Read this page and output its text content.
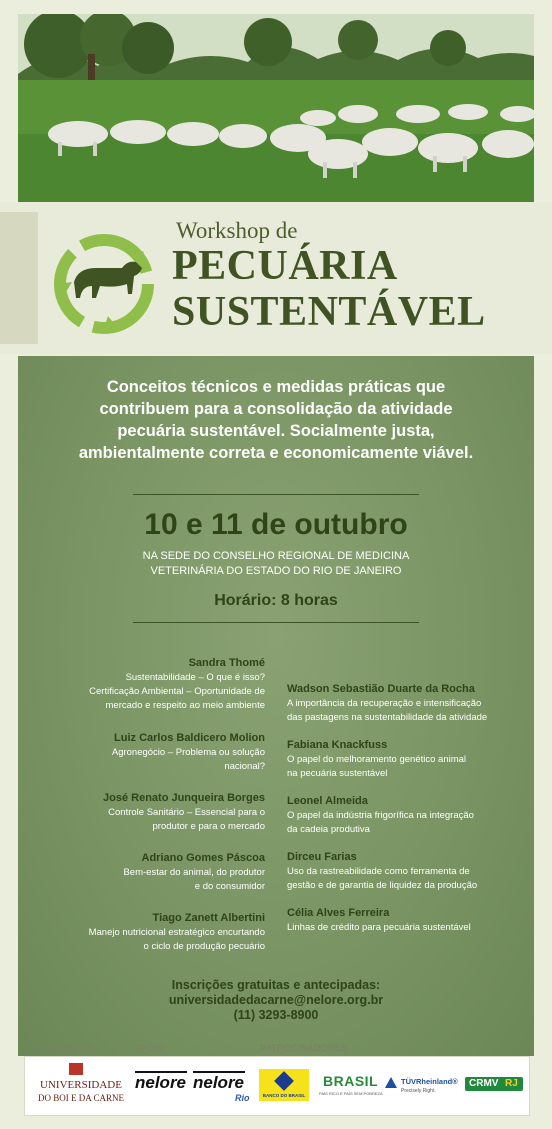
Workshop de
PECUÁRIA
SUSTENTÁVEL
Conceitos técnicos e medidas práticas que
contribuem para a consolidação da atividade
pecuária sustentável. Socialmente justa,
ambientalmente correta e economicamente viável.
10 e 11 de outubro
NA SEDE DO CONSELHO REGIONAL DE MEDICINA
VETERINÁRIA DO ESTADO DO RIO DE JANEIRO
Horário: 8 horas
Sandra Thomé
Sustentabilidade – O que é isso?
Certificação Ambiental – Oportunidade de
mercado e respeito ao meio ambiente
Luiz Carlos Baldicero Molion
Agronegócio – Problema ou solução
nacional?
José Renato Junqueira Borges
Controle Sanitário – Essencial para o
produtor e para o mercado
Adriano Gomes Páscoa
Bem-estar do animal, do produtor
e do consumidor
Tiago Zanett Albertini
Manejo nutricional estratégico encurtando
o ciclo de produção pecuário
Wadson Sebastião Duarte da Rocha
A importância da recuperação e intensificação
das pastagens na sustentabilidade da atividade
Fabiana Knackfuss
O papel do melhoramento genético animal
na pecuária sustentável
Leonel Almeida
O papel da indústria frigorífica na integração
da cadeia produtiva
Dirceu Farias
Uso da rastreabilidade como ferramenta de
gestão e de garantia de liquidez da produção
Célia Alves Ferreira
Linhas de crédito para pecuária sustentável
Inscrições gratuitas e antecipadas:
universidadedacarne@nelore.org.br
(11) 3293-8900
REALIZAÇÃO:	APOIO:	PATROCINADORES:
UNIVERSIDADE
DO BOI E DA CARNE
nelore nelore
Rio	BANCO DO BRASIL
BRASIL
PAÍS RICO É PAÍS SEM POBREZA
TÜVRheinland®
Precisely Right.
CRMV RJ
